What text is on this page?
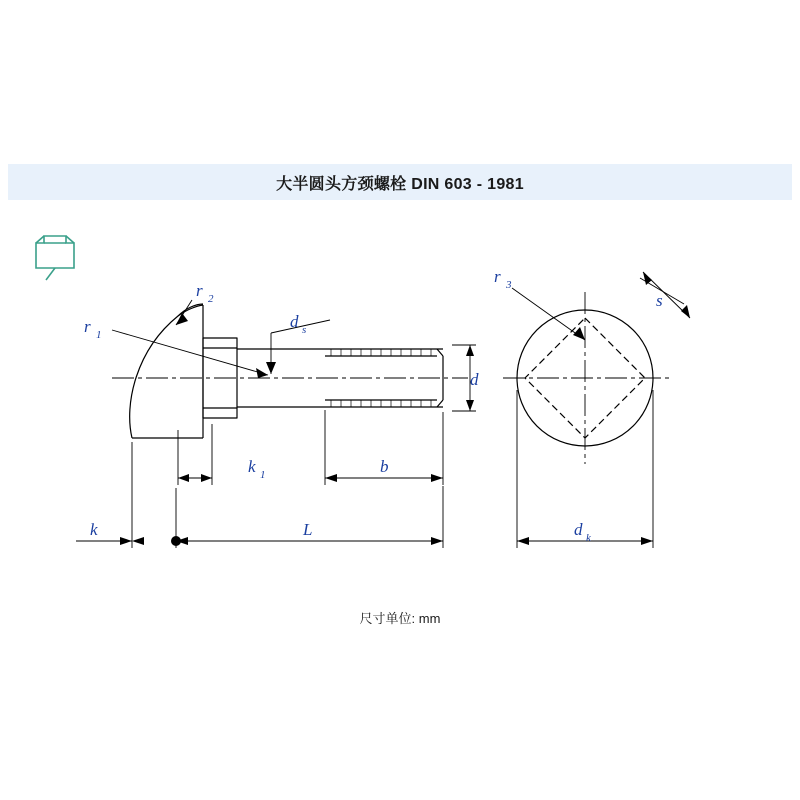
大半圆头方颈螺栓 DIN 603 - 1981
r 1
r 2
d s
d
k 1	b
k	L
r 3
s
d k
尺寸单位: mm
